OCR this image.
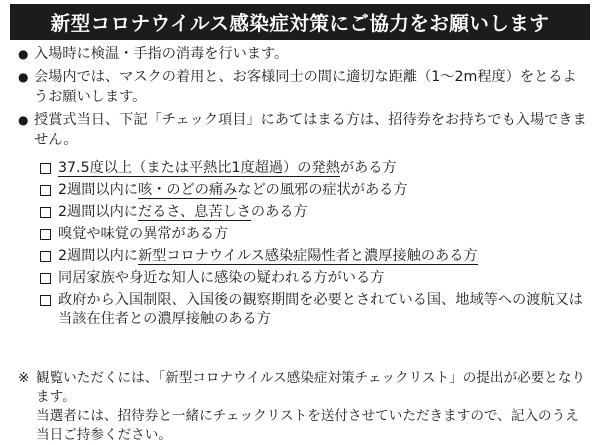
新型コロナウイルス感染症対策にご協力をお願いします
● 入場時に検温・手指の消毒を行います。
● 会場内では、マスクの着用と、お客様同士の間に適切な距離（1〜2m程度）をとるようお願いします。
● 授賞式当日、下記「チェック項目」にあてはまる方は、招待券をお持ちでも入場できません。
37.5度以上（または平熱比1度超過）の発熱がある方
2週間以内に咳・のどの痛みなどの風邪の症状がある方
2週間以内にだるさ、息苦しさのある方
嗅覚や味覚の異常がある方
2週間以内に新型コロナウイルス感染症陽性者と濃厚接触のある方
同居家族や身近な知人に感染の疑われる方がいる方
政府から入国制限、入国後の観察期間を必要とされている国、地域等への渡航又は当該在住者との濃厚接触のある方
※ 観覧いただくには、「新型コロナウイルス感染症対策チェックリスト」の提出が必要となります。
当選者には、招待券と一緒にチェックリストを送付させていただきますので、記入のうえ当日ご持参ください。
